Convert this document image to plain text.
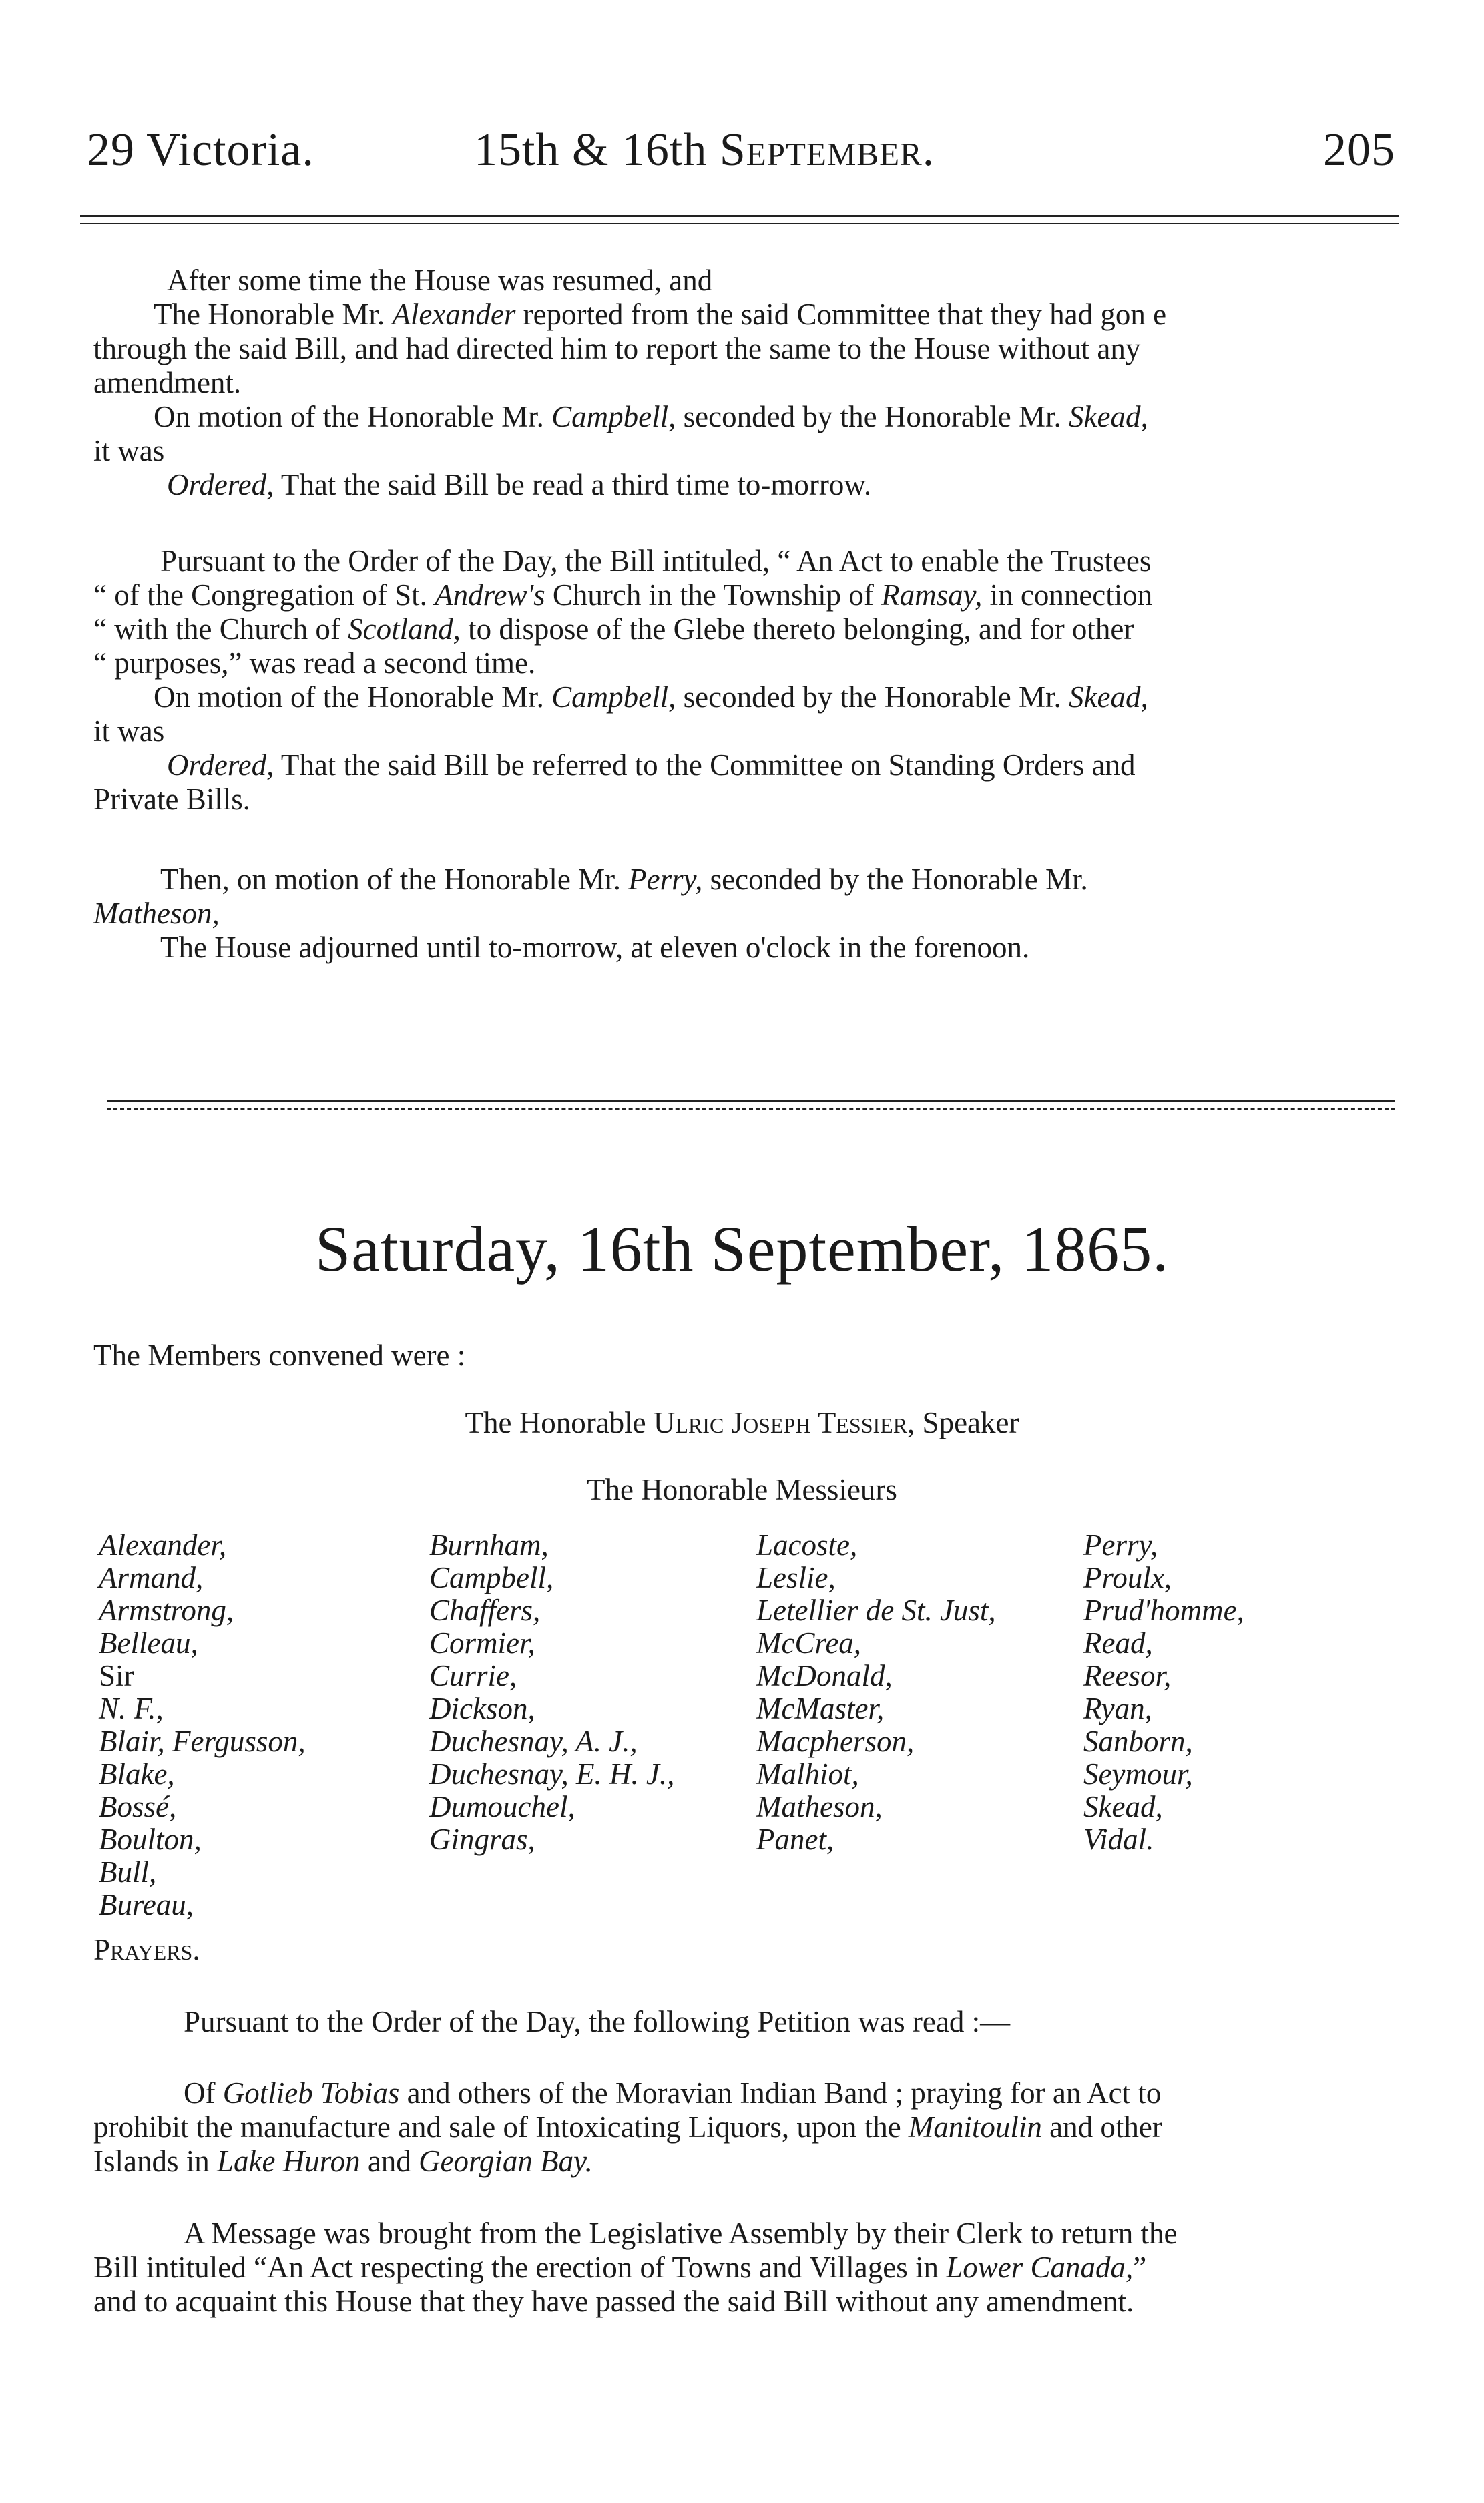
29 Victoria.	15th & 16th September.	205

After some time the House was resumed, and

The Honorable Mr. Alexander reported from the said Committee that they had gon e
through the said Bill, and had directed him to report the same to the House without any
amendment.
On motion of the Honorable Mr. Campbell, seconded by the Honorable Mr. Skead,
it was
Ordered, That the said Bill be read a third time to-morrow.
Pursuant to the Order of the Day, the Bill intituled, “ An Act to enable the Trustees
“ of the Congregation of St. Andrew's Church in the Township of Ramsay, in connection
“ with the Church of Scotland, to dispose of the Glebe thereto belonging, and for other
“ purposes,” was read a second time.
On motion of the Honorable Mr. Campbell, seconded by the Honorable Mr. Skead,
it was
Ordered, That the said Bill be referred to the Committee on Standing Orders and
Private Bills.
Then, on motion of the Honorable Mr. Perry, seconded by the Honorable Mr.
Matheson,
The House adjourned until to-morrow, at eleven o'clock in the forenoon.
Saturday, 16th September, 1865.
The Members convened were :
The Honorable Ulric Joseph Tessier, Speaker
The Honorable Messieurs
Alexander,
Armand,
Armstrong,
Belleau,
Sir
N. F.,
Blair, Fergusson,
Blake,
Bossé,
Boulton,
Bull,
Bureau,
Burnham,
Campbell,
Chaffers,
Cormier,
Currie,
Dickson,
Duchesnay, A. J.,
Duchesnay, E. H. J.,
Dumouchel,
Gingras,
Lacoste,
Leslie,
Letellier de St. Just,
McCrea,
McDonald,
McMaster,
Macpherson,
Malhiot,
Matheson,
Panet,
Perry,
Proulx,
Prud'homme,
Read,
Reesor,
Ryan,
Sanborn,
Seymour,
Skead,
Vidal.
Prayers.
Pursuant to the Order of the Day, the following Petition was read :—
Of Gotlieb Tobias and others of the Moravian Indian Band ; praying for an Act to
prohibit the manufacture and sale of Intoxicating Liquors, upon the Manitoulin and other
Islands in Lake Huron and Georgian Bay.
A Message was brought from the Legislative Assembly by their Clerk to return the
Bill intituled “An Act respecting the erection of Towns and Villages in Lower Canada,”
and to acquaint this House that they have passed the said Bill without any amendment.
